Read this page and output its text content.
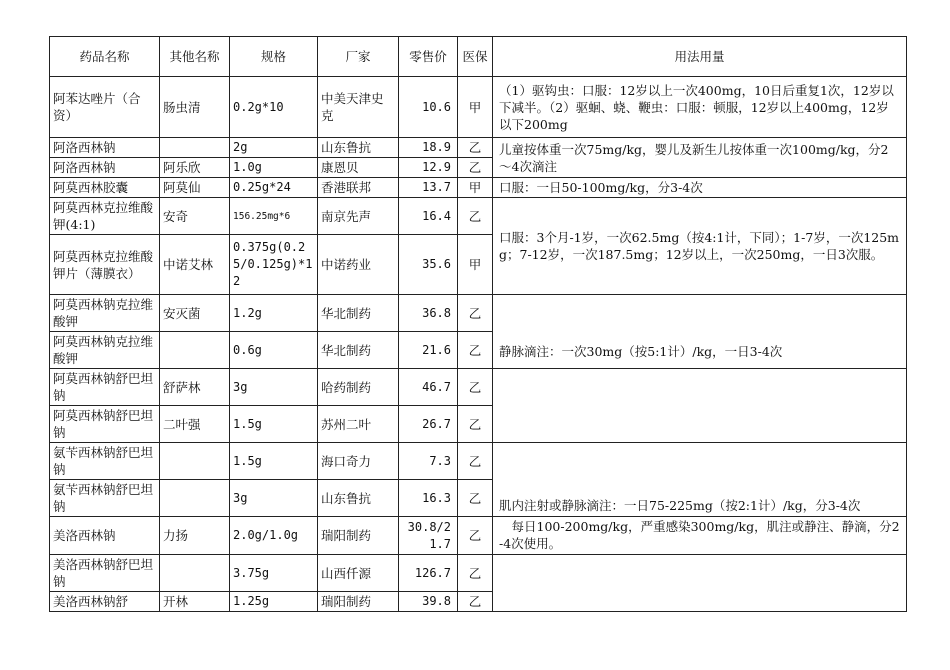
药品名称	其他名称	规格	厂家	零售价	医保	用法用量
阿苯达唑片（合资）	肠虫清	0.2g*10	中美天津史克	10.6	甲	（1）驱钩虫：口服：12岁以上一次400mg，10日后重复1次，12岁以下减半。（2）驱蛔、蛲、鞭虫：口服：顿服，12岁以上400mg，12岁以下200mg
阿洛西林钠		2g	山东鲁抗	18.9	乙	儿童按体重一次75mg/kg，婴儿及新生儿按体重一次100mg/kg，分2～4次滴注
阿洛西林钠	阿乐欣	1.0g	康恩贝	12.9	乙	
阿莫西林胶囊	阿莫仙	0.25g*24	香港联邦	13.7	甲	口服：一日50-100mg/kg，分3-4次
阿莫西林克拉维酸钾(4:1)	安奇	156.25mg*6	南京先声	16.4	乙	口服：3个月-1岁，一次62.5mg（按4:1计，下同）；1-7岁，一次125mg；7-12岁，一次187.5mg；12岁以上，一次250mg，一日3次服。
阿莫西林克拉维酸钾片（薄膜衣）	中诺艾林	0.375g(0.25/0.125g)*12	中诺药业	35.6	甲	
阿莫西林钠克拉维酸钾	安灭菌	1.2g	华北制药	36.8	乙	静脉滴注：一次30mg（按5:1计）/kg，一日3-4次
阿莫西林钠克拉维酸钾		0.6g	华北制药	21.6	乙	
阿莫西林钠舒巴坦钠	舒萨林	3g	哈药制药	46.7	乙	
阿莫西林钠舒巴坦钠	二叶强	1.5g	苏州二叶	26.7	乙	
氨苄西林钠舒巴坦钠		1.5g	海口奇力	7.3	乙	肌内注射或静脉滴注：一日75-225mg（按2:1计）/kg，分3-4次
氨苄西林钠舒巴坦钠		3g	山东鲁抗	16.3	乙	
美洛西林钠	力扬	2.0g/1.0g	瑞阳制药	30.8/21.7	乙	每日100-200mg/kg，严重感染300mg/kg，肌注或静注、静滴，分2-4次使用。
美洛西林钠舒巴坦钠		3.75g	山西仟源	126.7	乙	
美洛西林钠舒	开林	1.25g	瑞阳制药	39.8	乙	
